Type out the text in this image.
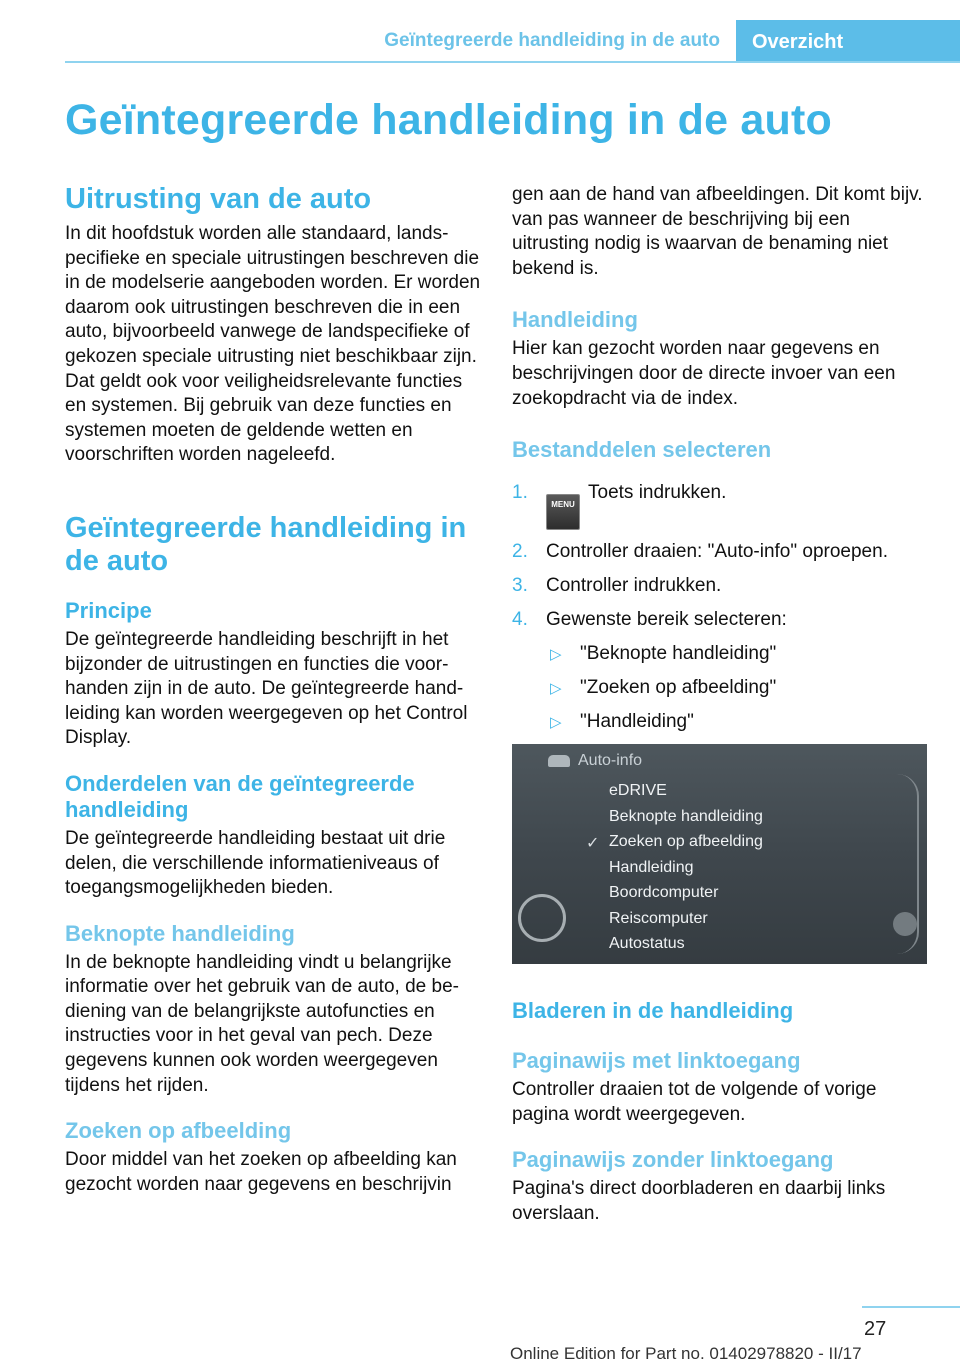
Overzicht
Geïntegreerde handleiding in de auto
Geïntegreerde handleiding in de auto
Uitrusting van de auto

In dit hoofdstuk worden alle standaard, landspecifieke en speciale uitrustingen beschreven die in de modelserie aangeboden worden. Er worden daarom ook uitrustingen beschreven die in een auto, bijvoorbeeld vanwege de landspecifieke of gekozen speciale uitrusting niet beschikbaar zijn. Dat geldt ook voor veiligheidsrelevante functies en systemen. Bij gebruik van deze functies en systemen moeten de geldende wetten en voorschriften worden nageleefd.

Geïntegreerde handleiding in de auto
Principe

De geïntegreerde handleiding beschrijft in het bijzonder de uitrustingen en functies die voorhanden zijn in de auto. De geïntegreerde handleiding kan worden weergegeven op het Control Display.

Onderdelen van de geïntegreerde handleiding

De geïntegreerde handleiding bestaat uit drie delen, die verschillende informatieniveaus of toegangsmogelijkheden bieden.

Beknopte handleiding

In de beknopte handleiding vindt u belangrijke informatie over het gebruik van de auto, de bediening van de belangrijkste autofuncties en instructies voor in het geval van pech. Deze gegevens kunnen ook worden weergegeven tijdens het rijden.

Zoeken op afbeelding

Door middel van het zoeken op afbeelding kan gezocht worden naar gegevens en beschrijvin

gen aan de hand van afbeeldingen. Dit komt bijv. van pas wanneer de beschrijving bij een uitrusting nodig is waarvan de benaming niet bekend is.

Handleiding

Hier kan gezocht worden naar gegevens en beschrijvingen door de directe invoer van een zoekopdracht via de index.

Bestanddelen selecteren
1.
MENUToets indrukken.
2. Controller draaien: "Auto-info" oproepen.
3. Controller indrukken.
4. Gewenste bereik selecteren:
▷ "Beknopte handleiding"
▷ "Zoeken op afbeelding"
▷ "Handleiding"
Auto-info
eDRIVE
Beknopte handleiding
✓ Zoeken op afbeelding
Handleiding
Boordcomputer
Reiscomputer
Autostatus
Bladeren in de handleiding
Paginawijs met linktoegang

Controller draaien tot de volgende of vorige pagina wordt weergegeven.

Paginawijs zonder linktoegang

Pagina's direct doorbladeren en daarbij links overslaan.

27
Online Edition for Part no. 01402978820 - II/17
